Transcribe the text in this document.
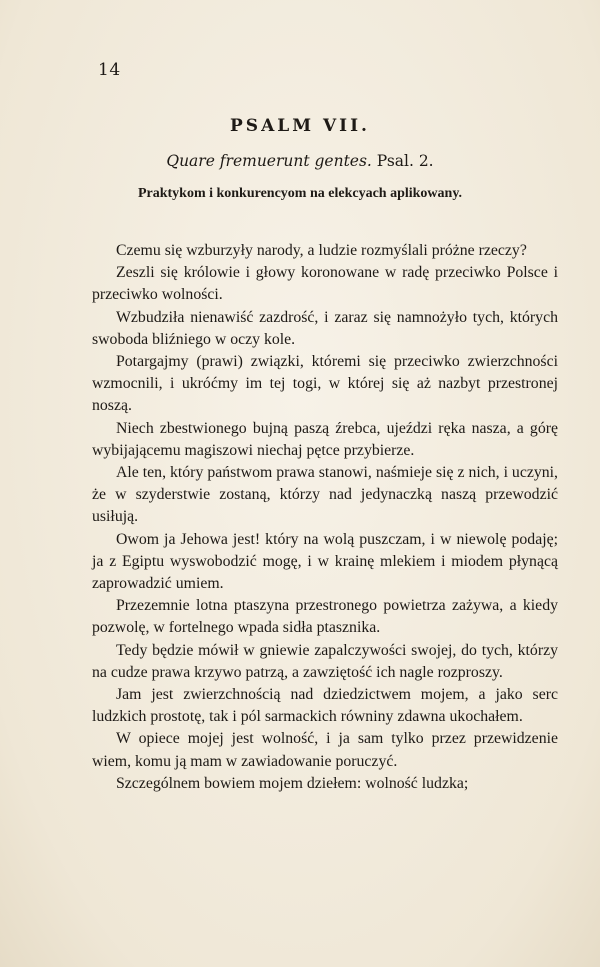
14
PSALM VII.
Quare fremuerunt gentes. Psal. 2.
Praktykom i konkurencyom na elekcyach aplikowany.

Czemu się wzburzyły narody, a ludzie rozmyślali próżne rzeczy?

Zeszli się królowie i głowy koronowane w radę przeciwko Polsce i przeciwko wolności.

Wzbudziła nienawiść zazdrość, i zaraz się namnożyło tych, których swoboda bliźniego w oczy kole.

Potargajmy (prawi) związki, któremi się przeciwko zwierzchności wzmocnili, i ukróćmy im tej togi, w której się aż nazbyt przestronej noszą.

Niech zbestwionego bujną paszą źrebca, ujeździ ręka nasza, a górę wybijającemu magiszowi niechaj pętce przybierze.

Ale ten, który państwom prawa stanowi, naśmieje się z nich, i uczyni, że w szyderstwie zostaną, którzy nad jedynaczką naszą przewodzić usiłują.

Owom ja Jehowa jest! który na wolą puszczam, i w niewolę podaję; ja z Egiptu wyswobodzić mogę, i w krainę mlekiem i miodem płynącą zaprowadzić umiem.

Przezemnie lotna ptaszyna przestronego powietrza zażywa, a kiedy pozwolę, w fortelnego wpada sidła ptasznika.

Tedy będzie mówił w gniewie zapalczywości swojej, do tych, którzy na cudze prawa krzywo patrzą, a zawziętość ich nagle rozproszy.

Jam jest zwierzchnością nad dziedzictwem mojem, a jako serc ludzkich prostotę, tak i pól sarmackich równiny zdawna ukochałem.

W opiece mojej jest wolność, i ja sam tylko przez przewidzenie wiem, komu ją mam w zawiadowanie poruczyć.

Szczególnem bowiem mojem dziełem: wolność ludzka;
